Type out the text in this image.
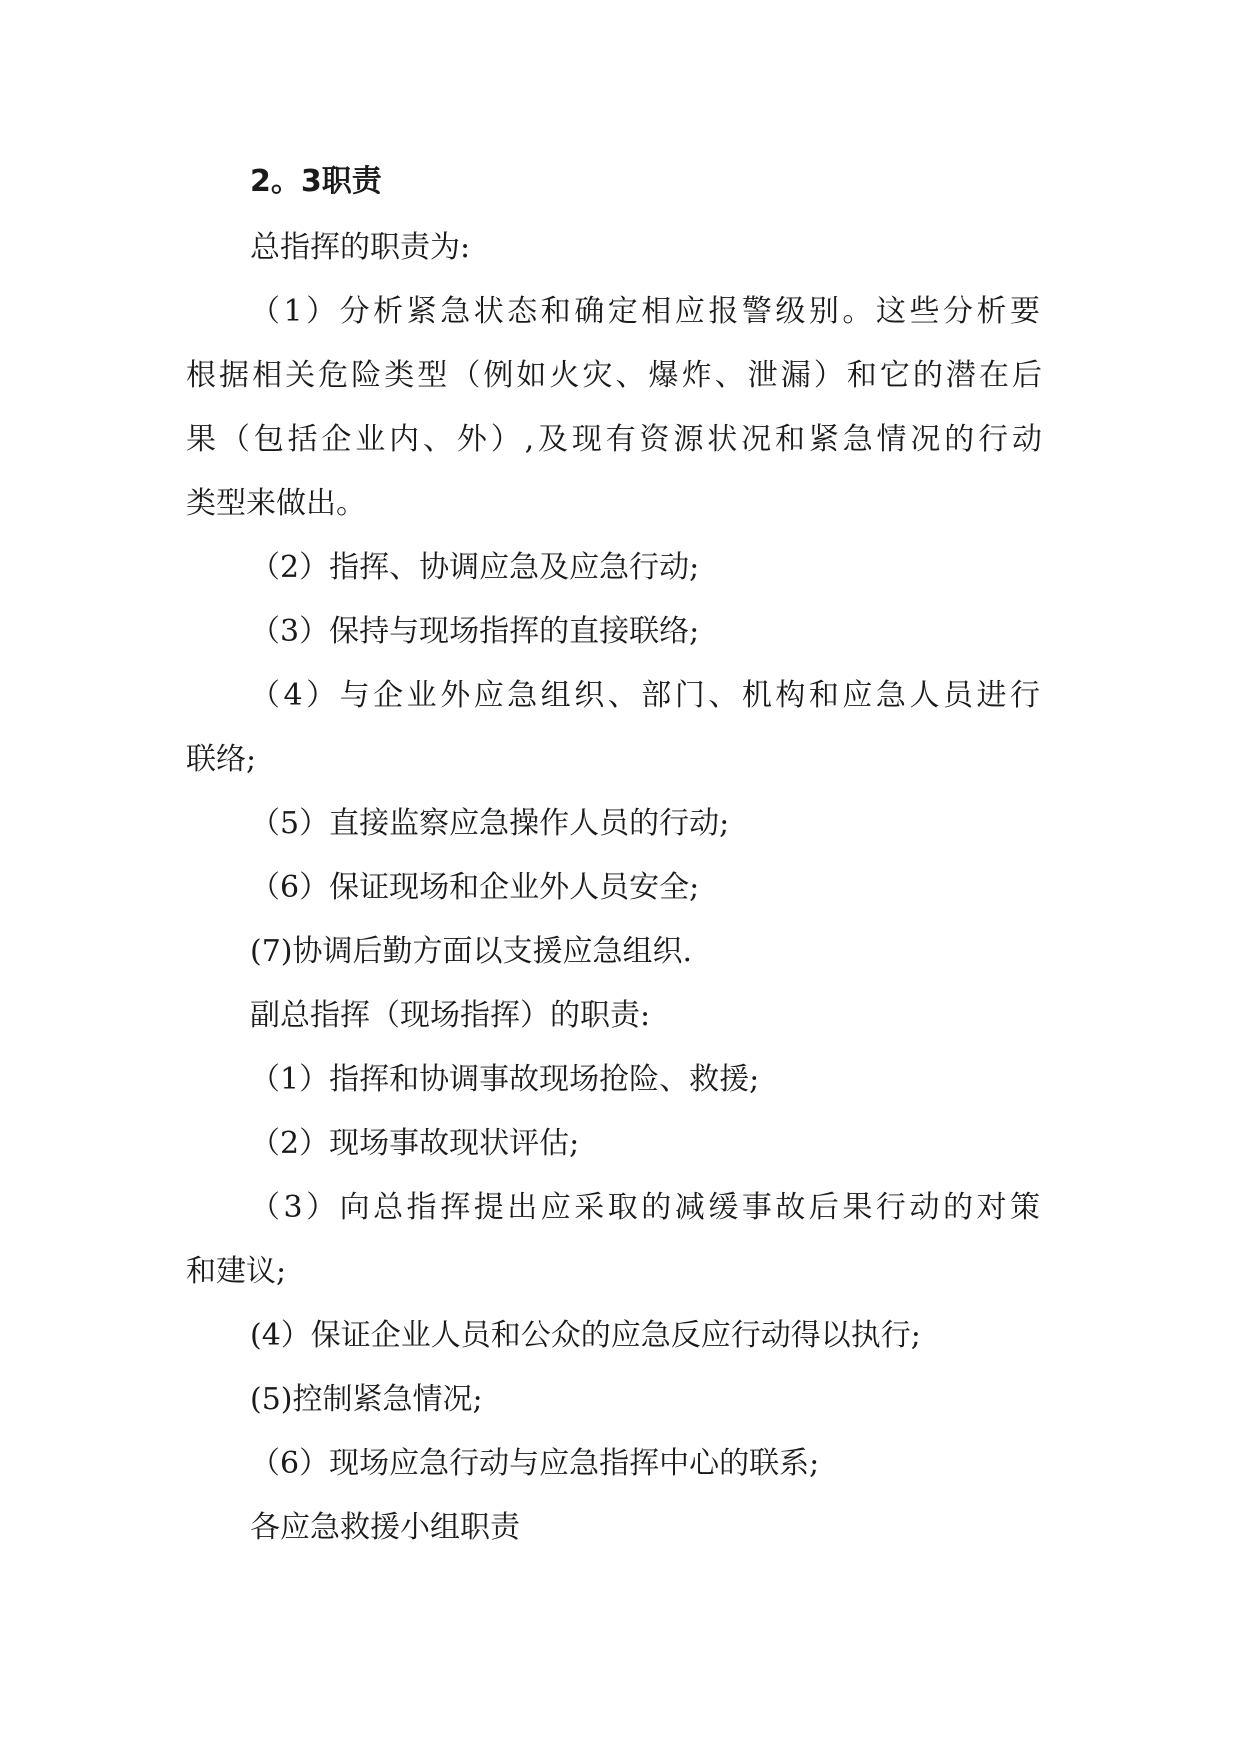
2。3职责
总指挥的职责为:
（1）分析紧急状态和确定相应报警级别。这些分析要
根据相关危险类型（例如火灾、爆炸、泄漏）和它的潜在后
果（包括企业内、外）,及现有资源状况和紧急情况的行动
类型来做出。
（2）指挥、协调应急及应急行动;
（3）保持与现场指挥的直接联络;
（4）与企业外应急组织、部门、机构和应急人员进行
联络;
（5）直接监察应急操作人员的行动;
（6）保证现场和企业外人员安全;
(7)协调后勤方面以支援应急组织.
副总指挥（现场指挥）的职责:
（1）指挥和协调事故现场抢险、救援;
（2）现场事故现状评估;
（3）向总指挥提出应采取的减缓事故后果行动的对策
和建议;
(4）保证企业人员和公众的应急反应行动得以执行;
(5)控制紧急情况;
（6）现场应急行动与应急指挥中心的联系;
各应急救援小组职责
